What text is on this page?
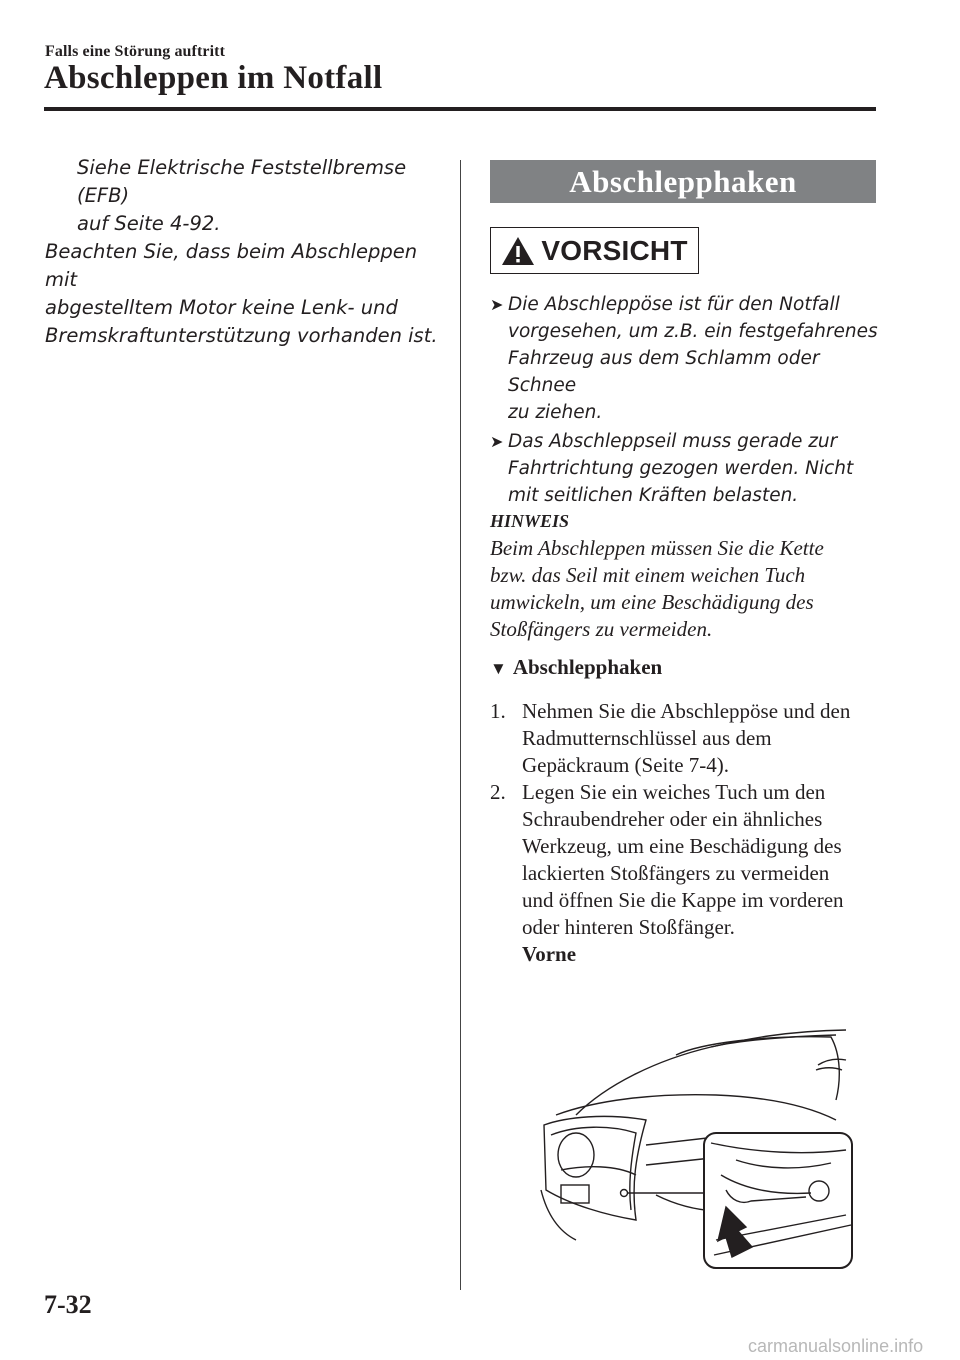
Falls eine Störung auftritt
Abschleppen im Notfall

Siehe Elektrische Feststellbremse (EFB)
auf Seite 4-92.

Beachten Sie, dass beim Abschleppen mit
abgestelltem Motor keine Lenk- und
Bremskraftunterstützung vorhanden ist.

Abschlepphaken
VORSICHT
➤ Die Abschleppöse ist für den Notfall
vorgesehen, um z.B. ein festgefahrenes
Fahrzeug aus dem Schlamm oder Schnee
zu ziehen.
➤ Das Abschleppseil muss gerade zur
Fahrtrichtung gezogen werden. Nicht
mit seitlichen Kräften belasten.
HINWEIS
Beim Abschleppen müssen Sie die Kette
bzw. das Seil mit einem weichen Tuch
umwickeln, um eine Beschädigung des
Stoßfängers zu vermeiden.
▼ Abschlepphaken
1. Nehmen Sie die Abschleppöse und den
Radmutternschlüssel aus dem
Gepäckraum (Seite 7-4).
2. Legen Sie ein weiches Tuch um den
Schraubendreher oder ein ähnliches
Werkzeug, um eine Beschädigung des
lackierten Stoßfängers zu vermeiden
und öffnen Sie die Kappe im vorderen
oder hinteren Stoßfänger.
Vorne
7-32
carmanualsonline.info
